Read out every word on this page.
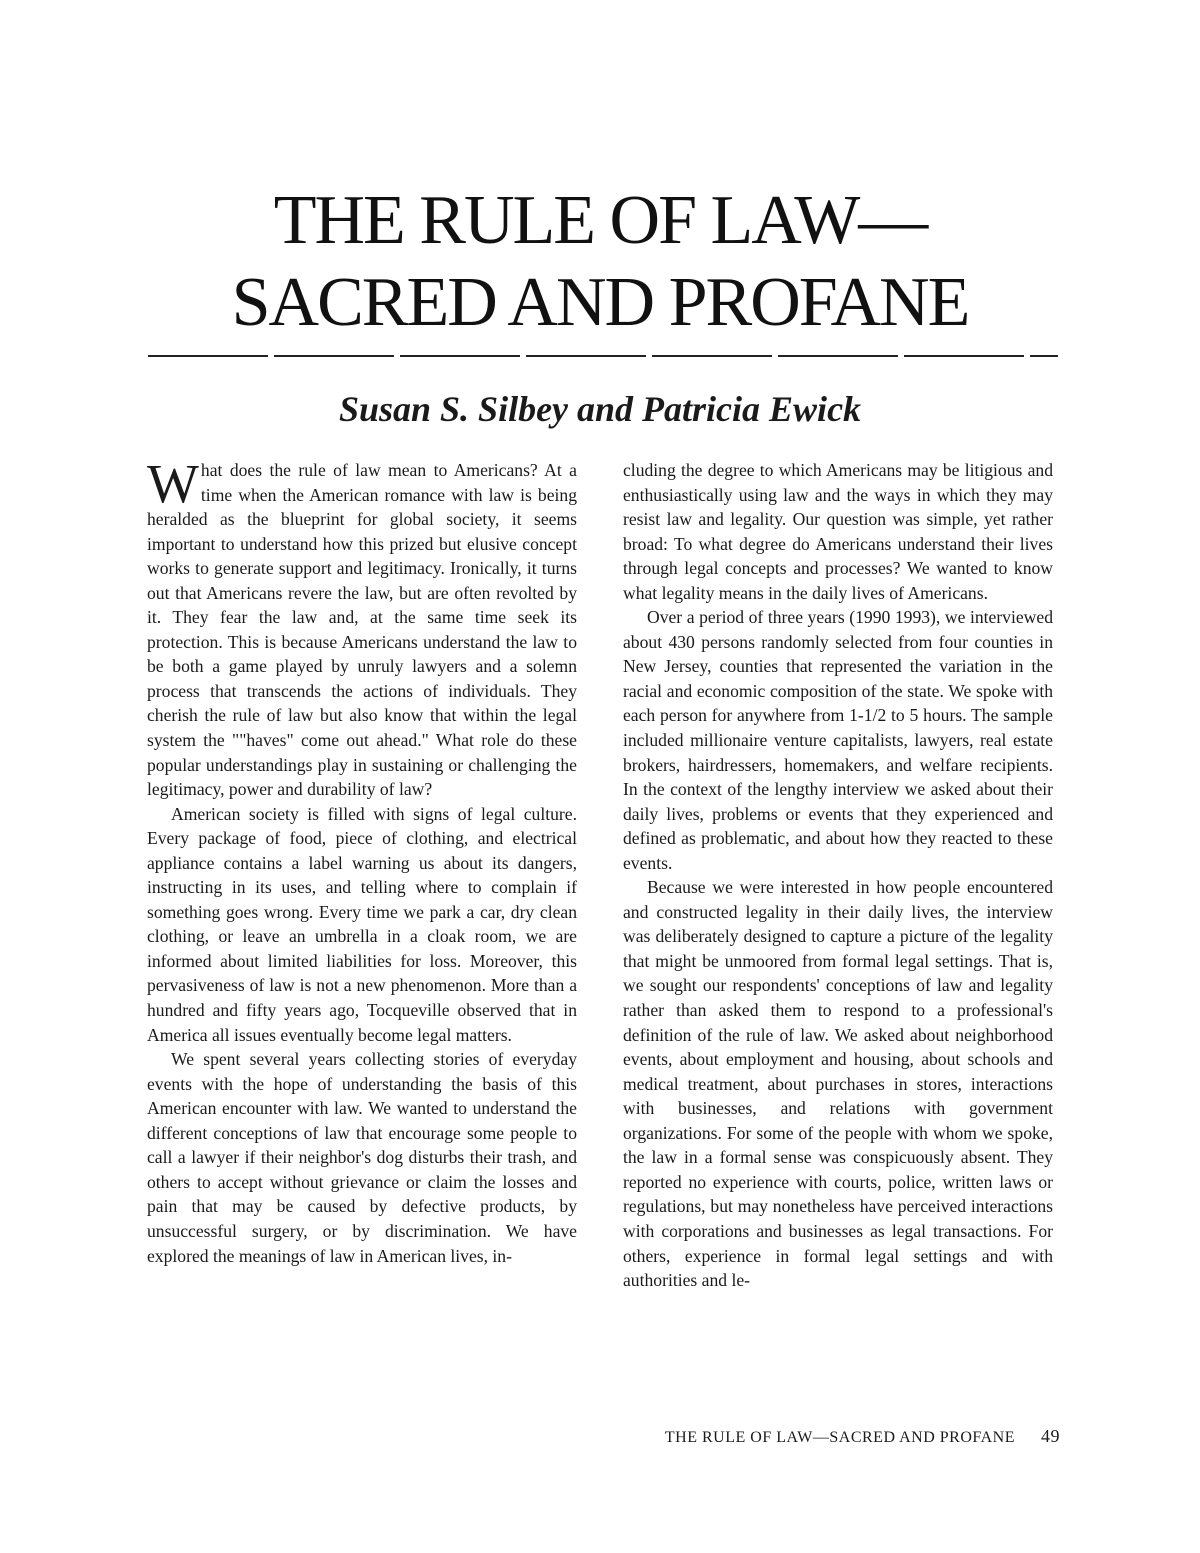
THE RULE OF LAW—
SACRED AND PROFANE
Susan S. Silbey and Patricia Ewick

What does the rule of law mean to Americans? At a time when the American romance with law is being heralded as the blueprint for global society, it seems important to understand how this prized but elusive concept works to generate support and legitimacy. Ironically, it turns out that Americans revere the law, but are often revolted by it. They fear the law and, at the same time seek its protection. This is because Americans understand the law to be both a game played by unruly lawyers and a solemn process that transcends the actions of individuals. They cherish the rule of law but also know that within the legal system the ""haves" come out ahead." What role do these popular understandings play in sustaining or challenging the legitimacy, power and durability of law?

American society is filled with signs of legal culture. Every package of food, piece of clothing, and electrical appliance contains a label warning us about its dangers, instructing in its uses, and telling where to complain if something goes wrong. Every time we park a car, dry clean clothing, or leave an umbrella in a cloak room, we are informed about limited liabilities for loss. Moreover, this pervasiveness of law is not a new phenomenon. More than a hundred and fifty years ago, Tocqueville observed that in America all issues eventually become legal matters.

We spent several years collecting stories of everyday events with the hope of understanding the basis of this American encounter with law. We wanted to understand the different conceptions of law that encourage some people to call a lawyer if their neighbor's dog disturbs their trash, and others to accept without grievance or claim the losses and pain that may be caused by defective products, by unsuccessful surgery, or by discrimination. We have explored the meanings of law in American lives, in-

cluding the degree to which Americans may be litigious and enthusiastically using law and the ways in which they may resist law and legality. Our question was simple, yet rather broad: To what degree do Americans understand their lives through legal concepts and processes? We wanted to know what legality means in the daily lives of Americans.

Over a period of three years (1990 1993), we interviewed about 430 persons randomly selected from four counties in New Jersey, counties that represented the variation in the racial and economic composition of the state. We spoke with each person for anywhere from 1-1/2 to 5 hours. The sample included millionaire venture capitalists, lawyers, real estate brokers, hairdressers, homemakers, and welfare recipients. In the context of the lengthy interview we asked about their daily lives, problems or events that they experienced and defined as problematic, and about how they reacted to these events.

Because we were interested in how people encountered and constructed legality in their daily lives, the interview was deliberately designed to capture a picture of the legality that might be unmoored from formal legal settings. That is, we sought our respondents' conceptions of law and legality rather than asked them to respond to a professional's definition of the rule of law. We asked about neighborhood events, about employment and housing, about schools and medical treatment, about purchases in stores, interactions with businesses, and relations with government organizations. For some of the people with whom we spoke, the law in a formal sense was conspicuously absent. They reported no experience with courts, police, written laws or regulations, but may nonetheless have perceived interactions with corporations and businesses as legal transactions. For others, experience in formal legal settings and with authorities and le-

THE RULE OF LAW—SACRED AND PROFANE 49
